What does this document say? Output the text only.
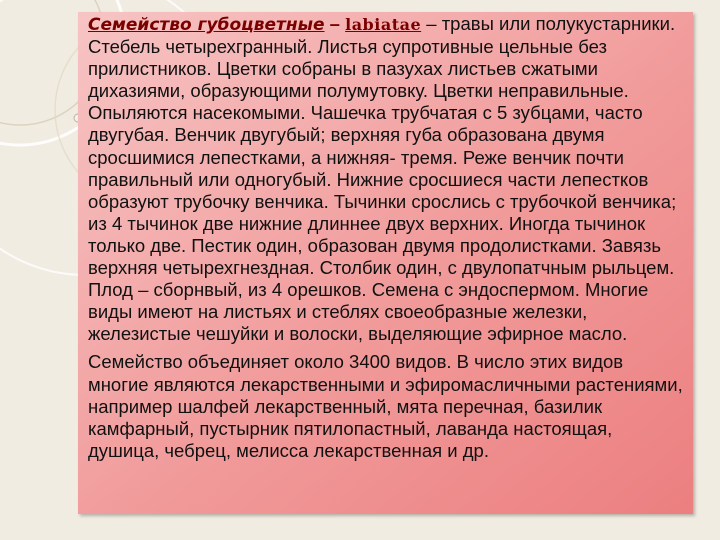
Семейство губоцветные – labiatae – травы или полукустарники. Стебель четырехгранный. Листья супротивные цельные без прилистников. Цветки собраны в пазухах листьев сжатыми дихазиями, образующими полумутовку. Цветки неправильные. Опыляются насекомыми. Чашечка трубчатая с 5 зубцами, часто двугубая. Венчик двугубый; верхняя губа образована двумя сросшимися лепестками, а нижняя- тремя. Реже венчик почти правильный или одногубый. Нижние сросшиеся части лепестков образуют трубочку венчика. Тычинки срослись с трубочкой венчика; из 4 тычинок две нижние длиннее двух верхних. Иногда тычинок только две. Пестик один, образован двумя продолистками. Завязь верхняя четырехгнездная. Столбик один, с двулопатчным рыльцем. Плод – сборнвый, из 4 орешков. Семена с эндоспермом. Многие виды имеют на листьях и стеблях своеобразные железки, железистые чешуйки и волоски, выделяющие эфирное масло.

Семейство объединяет около 3400 видов. В число этих видов многие являются лекарственными и эфиромасличными растениями, например шалфей лекарственный, мята перечная, базилик камфарный, пустырник пятилопастный, лаванда настоящая, душица, чебрец, мелисса лекарственная и др.
